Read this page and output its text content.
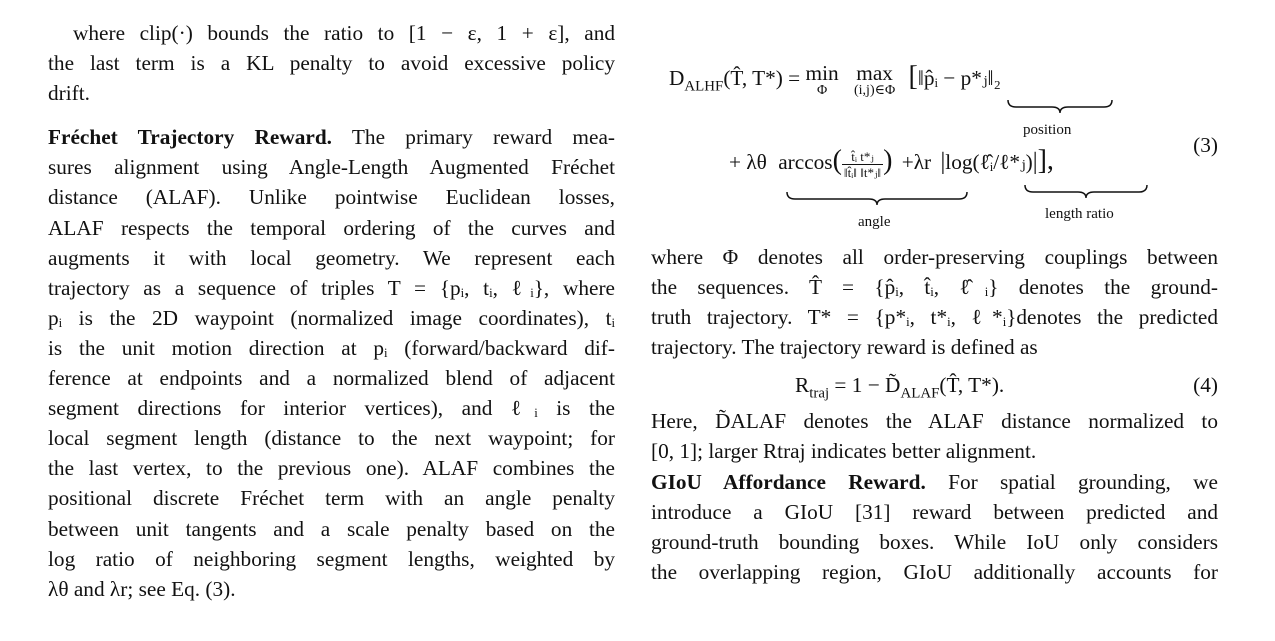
where clip(·) bounds the ratio to [1 − ε, 1 + ε], and
the last term is a KL penalty to avoid excessive policy
drift.
Fréchet Trajectory Reward. The primary reward mea-
sures alignment using Angle-Length Augmented Fréchet
distance (ALAF). Unlike pointwise Euclidean losses,
ALAF respects the temporal ordering of the curves and
augments it with local geometry. We represent each
trajectory as a sequence of triples T = {pᵢ, tᵢ, ℓᵢ}, where
pᵢ is the 2D waypoint (normalized image coordinates), tᵢ
is the unit motion direction at pᵢ (forward/backward dif-
ference at endpoints and a normalized blend of adjacent
segment directions for interior vertices), and ℓᵢ is the
local segment length (distance to the next waypoint; for
the last vertex, to the previous one). ALAF combines the
positional discrete Fréchet term with an angle penalty
between unit tangents and a scale penalty based on the
log ratio of neighboring segment lengths, weighted by
λθ and λr; see Eq. (3).
$D_{ALHF}(T̂$, T*) = min
Φ
max
(i,j)∈Φ [‖p̂ᵢ − p*ⱼ‖₂
position
+ λθ $\arccos( \frac{\text{t̂ᵢ t*ⱼ}}{\text{‖t̂ᵢ‖ ‖t*ⱼ‖}}$ ) +λr |log(ℓ̂ᵢ/ℓ*ⱼ)|],
angle	length ratio
(3)
where Φ denotes all order-preserving couplings between
the sequences. T̂ = {p̂ᵢ, t̂ᵢ, ℓ̂ᵢ} denotes the ground-
truth trajectory. T* = {p*ᵢ, t*ᵢ, ℓ*ᵢ}denotes the predicted
trajectory. The trajectory reward is defined as
$R_{traj} = 1$ − $D̃_{ALAF}(T̂$, T*).	(4)
Here, D̃ALAF denotes the ALAF distance normalized to
[0, 1]; larger Rtraj indicates better alignment.
GIoU Affordance Reward. For spatial grounding, we
introduce a GIoU [31] reward between predicted and
ground-truth bounding boxes. While IoU only considers
the overlapping region, GIoU additionally accounts for
